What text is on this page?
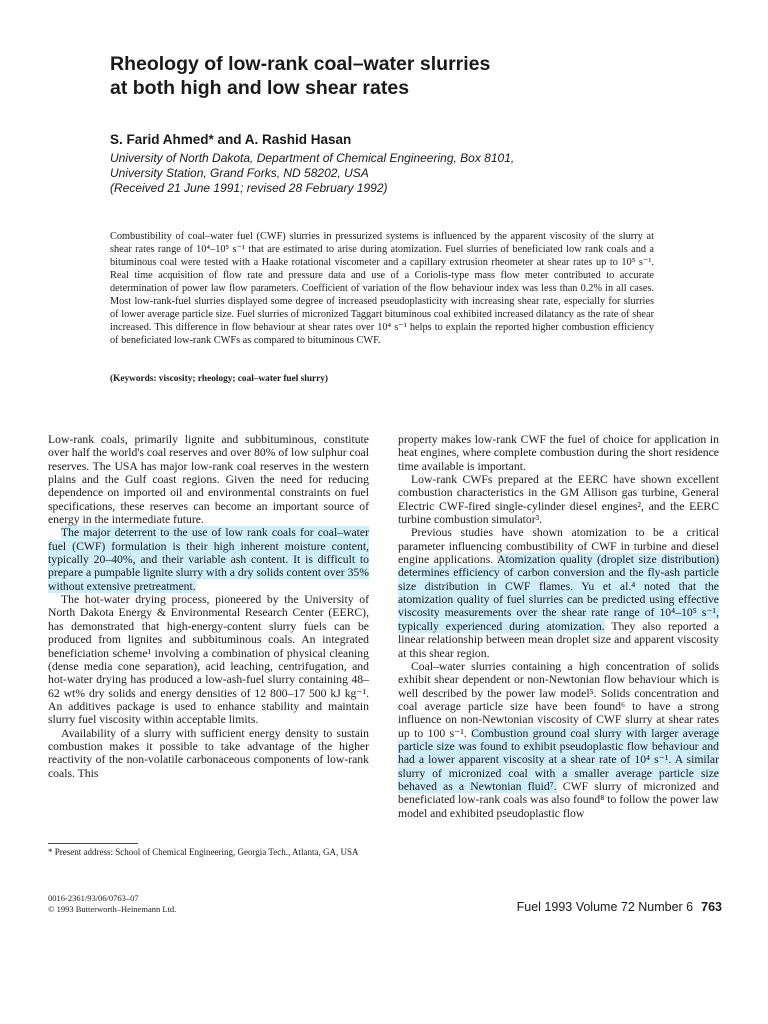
Rheology of low-rank coal–water slurries
at both high and low shear rates
S. Farid Ahmed* and A. Rashid Hasan
University of North Dakota, Department of Chemical Engineering, Box 8101,
University Station, Grand Forks, ND 58202, USA
(Received 21 June 1991; revised 28 February 1992)

Combustibility of coal–water fuel (CWF) slurries in pressurized systems is influenced by the apparent viscosity of the slurry at shear rates range of 10⁴–10⁵ s⁻¹ that are estimated to arise during atomization. Fuel slurries of beneficiated low rank coals and a bituminous coal were tested with a Haake rotational viscometer and a capillary extrusion rheometer at shear rates up to 10⁵ s⁻¹. Real time acquisition of flow rate and pressure data and use of a Coriolis-type mass flow meter contributed to accurate determination of power law flow parameters. Coefficient of variation of the flow behaviour index was less than 0.2% in all cases. Most low-rank-fuel slurries displayed some degree of increased pseudoplasticity with increasing shear rate, especially for slurries of lower average particle size. Fuel slurries of micronized Taggart bituminous coal exhibited increased dilatancy as the rate of shear increased. This difference in flow behaviour at shear rates over 10⁴ s⁻¹ helps to explain the reported higher combustion efficiency of beneficiated low-rank CWFs as compared to bituminous CWF.

(Keywords: viscosity; rheology; coal–water fuel slurry)

Low-rank coals, primarily lignite and subbituminous, constitute over half the world's coal reserves and over 80% of low sulphur coal reserves. The USA has major low-rank coal reserves in the western plains and the Gulf coast regions. Given the need for reducing dependence on imported oil and environmental constraints on fuel specifications, these reserves can become an important source of energy in the intermediate future.

The major deterrent to the use of low rank coals for coal–water fuel (CWF) formulation is their high inherent moisture content, typically 20–40%, and their variable ash content. It is difficult to prepare a pumpable lignite slurry with a dry solids content over 35% without extensive pretreatment.

The hot-water drying process, pioneered by the University of North Dakota Energy & Environmental Research Center (EERC), has demonstrated that high-energy-content slurry fuels can be produced from lignites and subbituminous coals. An integrated beneficiation scheme¹ involving a combination of physical cleaning (dense media cone separation), acid leaching, centrifugation, and hot-water drying has produced a low-ash-fuel slurry containing 48–62 wt% dry solids and energy densities of 12 800–17 500 kJ kg⁻¹. An additives package is used to enhance stability and maintain slurry fuel viscosity within acceptable limits.

Availability of a slurry with sufficient energy density to sustain combustion makes it possible to take advantage of the higher reactivity of the non-volatile carbonaceous components of low-rank coals. This

property makes low-rank CWF the fuel of choice for application in heat engines, where complete combustion during the short residence time available is important.

Low-rank CWFs prepared at the EERC have shown excellent combustion characteristics in the GM Allison gas turbine, General Electric CWF-fired single-cylinder diesel engines², and the EERC turbine combustion simulator³.

Previous studies have shown atomization to be a critical parameter influencing combustibility of CWF in turbine and diesel engine applications. Atomization quality (droplet size distribution) determines efficiency of carbon conversion and the fly-ash particle size distribution in CWF flames. Yu et al.⁴ noted that the atomization quality of fuel slurries can be predicted using effective viscosity measurements over the shear rate range of 10⁴–10⁵ s⁻¹, typically experienced during atomization. They also reported a linear relationship between mean droplet size and apparent viscosity at this shear region.

Coal–water slurries containing a high concentration of solids exhibit shear dependent or non-Newtonian flow behaviour which is well described by the power law model⁵. Solids concentration and coal average particle size have been found⁶ to have a strong influence on non-Newtonian viscosity of CWF slurry at shear rates up to 100 s⁻¹. Combustion ground coal slurry with larger average particle size was found to exhibit pseudoplastic flow behaviour and had a lower apparent viscosity at a shear rate of 10⁴ s⁻¹. A similar slurry of micronized coal with a smaller average particle size behaved as a Newtonian fluid⁷. CWF slurry of micronized and beneficiated low-rank coals was also found⁸ to follow the power law model and exhibited pseudoplastic flow

* Present address: School of Chemical Engineering, Georgia Tech., Atlanta, GA, USA
0016-2361/93/06/0763–07
© 1993 Butterworth–Heinemann Ltd.	Fuel 1993 Volume 72 Number 6 763
